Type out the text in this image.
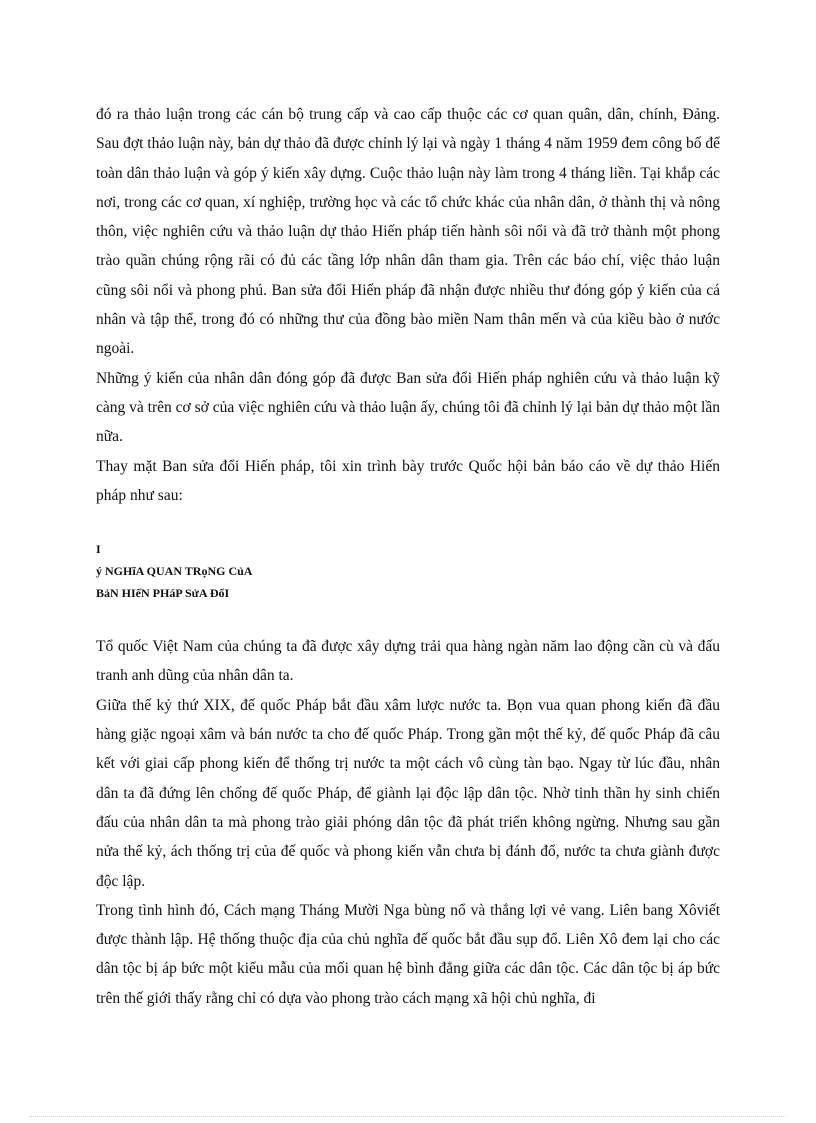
đó ra thảo luận trong các cán bộ trung cấp và cao cấp thuộc các cơ quan quân, dân, chính, Đảng. Sau đợt thảo luận này, bản dự thảo đã được chỉnh lý lại và ngày 1 tháng 4 năm 1959 đem công bố để toàn dân thảo luận và góp ý kiến xây dựng. Cuộc thảo luận này làm trong 4 tháng liền. Tại khắp các nơi, trong các cơ quan, xí nghiệp, trường học và các tổ chức khác của nhân dân, ở thành thị và nông thôn, việc nghiên cứu và thảo luận dự thảo Hiến pháp tiến hành sôi nổi và đã trở thành một phong trào quần chúng rộng rãi có đủ các tầng lớp nhân dân tham gia. Trên các báo chí, việc thảo luận cũng sôi nổi và phong phú. Ban sửa đổi Hiến pháp đã nhận được nhiều thư đóng góp ý kiến của cá nhân và tập thể, trong đó có những thư của đồng bào miền Nam thân mến và của kiều bào ở nước ngoài.

Những ý kiến của nhân dân đóng góp đã được Ban sửa đổi Hiến pháp nghiên cứu và thảo luận kỹ càng và trên cơ sở của việc nghiên cứu và thảo luận ấy, chúng tôi đã chỉnh lý lại bản dự thảo một lần nữa.

Thay mặt Ban sửa đổi Hiến pháp, tôi xin trình bày trước Quốc hội bản báo cáo về dự thảo Hiến pháp như sau:

I

ý NGHĩA QUAN TRọNG CủA

BảN HIếN PHáP SửA ĐổI

Tổ quốc Việt Nam của chúng ta đã được xây dựng trải qua hàng ngàn năm lao động cần cù và đấu tranh anh dũng của nhân dân ta.

Giữa thế kỷ thứ XIX, đế quốc Pháp bắt đầu xâm lược nước ta. Bọn vua quan phong kiến đã đầu hàng giặc ngoại xâm và bán nước ta cho đế quốc Pháp. Trong gần một thế kỷ, đế quốc Pháp đã câu kết với giai cấp phong kiến để thống trị nước ta một cách vô cùng tàn bạo. Ngay từ lúc đầu, nhân dân ta đã đứng lên chống đế quốc Pháp, để giành lại độc lập dân tộc. Nhờ tinh thần hy sinh chiến đấu của nhân dân ta mà phong trào giải phóng dân tộc đã phát triển không ngừng. Nhưng sau gần nửa thế kỷ, ách thống trị của đế quốc và phong kiến vẫn chưa bị đánh đổ, nước ta chưa giành được độc lập.

Trong tình hình đó, Cách mạng Tháng Mười Nga bùng nổ và thắng lợi vẻ vang. Liên bang Xôviết được thành lập. Hệ thống thuộc địa của chủ nghĩa đế quốc bắt đầu sụp đổ. Liên Xô đem lại cho các dân tộc bị áp bức một kiểu mẫu của mối quan hệ bình đẳng giữa các dân tộc. Các dân tộc bị áp bức trên thế giới thấy rằng chỉ có dựa vào phong trào cách mạng xã hội chủ nghĩa, đi
